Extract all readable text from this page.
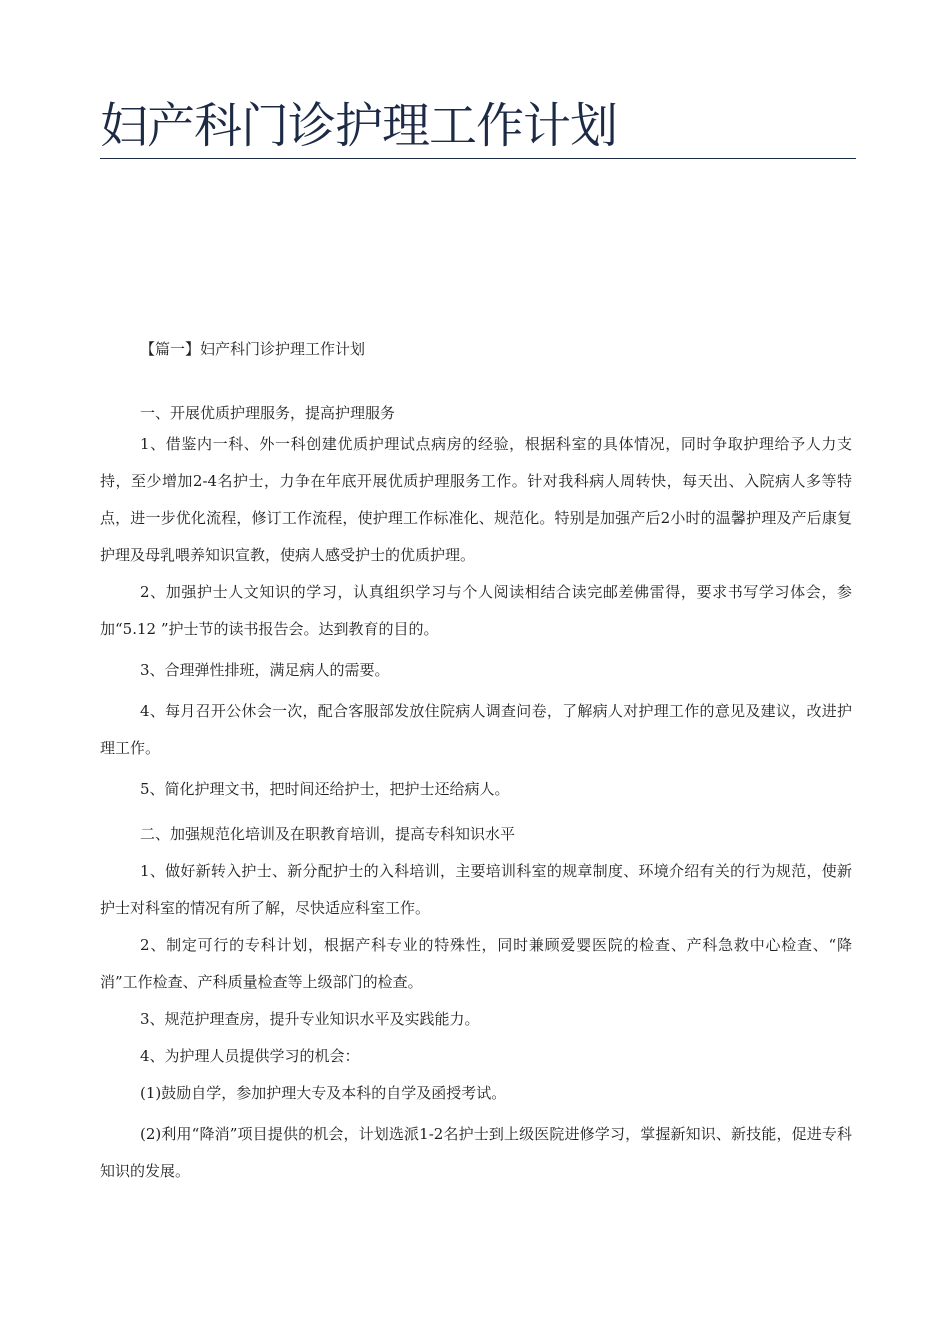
妇产科门诊护理工作计划

【篇一】妇产科门诊护理工作计划

一、开展优质护理服务，提高护理服务

1、借鉴内一科、外一科创建优质护理试点病房的经验，根据科室的具体情况，同时争取护理给予人力支持，至少增加2-4名护士，力争在年底开展优质护理服务工作。针对我科病人周转快，每天出、入院病人多等特点，进一步优化流程，修订工作流程，使护理工作标准化、规范化。特别是加强产后2小时的温馨护理及产后康复护理及母乳喂养知识宣教，使病人感受护士的优质护理。

2、加强护士人文知识的学习，认真组织学习与个人阅读相结合读完邮差佛雷得，要求书写学习体会，参加“5.12 ”护士节的读书报告会。达到教育的目的。

3、合理弹性排班，满足病人的需要。

4、每月召开公休会一次，配合客服部发放住院病人调查问卷，了解病人对护理工作的意见及建议，改进护理工作。

5、简化护理文书，把时间还给护士，把护士还给病人。

二、加强规范化培训及在职教育培训，提高专科知识水平

1、做好新转入护士、新分配护士的入科培训，主要培训科室的规章制度、环境介绍有关的行为规范，使新护士对科室的情况有所了解，尽快适应科室工作。

2、制定可行的专科计划，根据产科专业的特殊性，同时兼顾爱婴医院的检查、产科急救中心检查、“降消”工作检查、产科质量检查等上级部门的检查。

3、规范护理查房，提升专业知识水平及实践能力。

4、为护理人员提供学习的机会：

(1)鼓励自学，参加护理大专及本科的自学及函授考试。

(2)利用“降消”项目提供的机会，计划选派1-2名护士到上级医院进修学习，掌握新知识、新技能，促进专科知识的发展。
